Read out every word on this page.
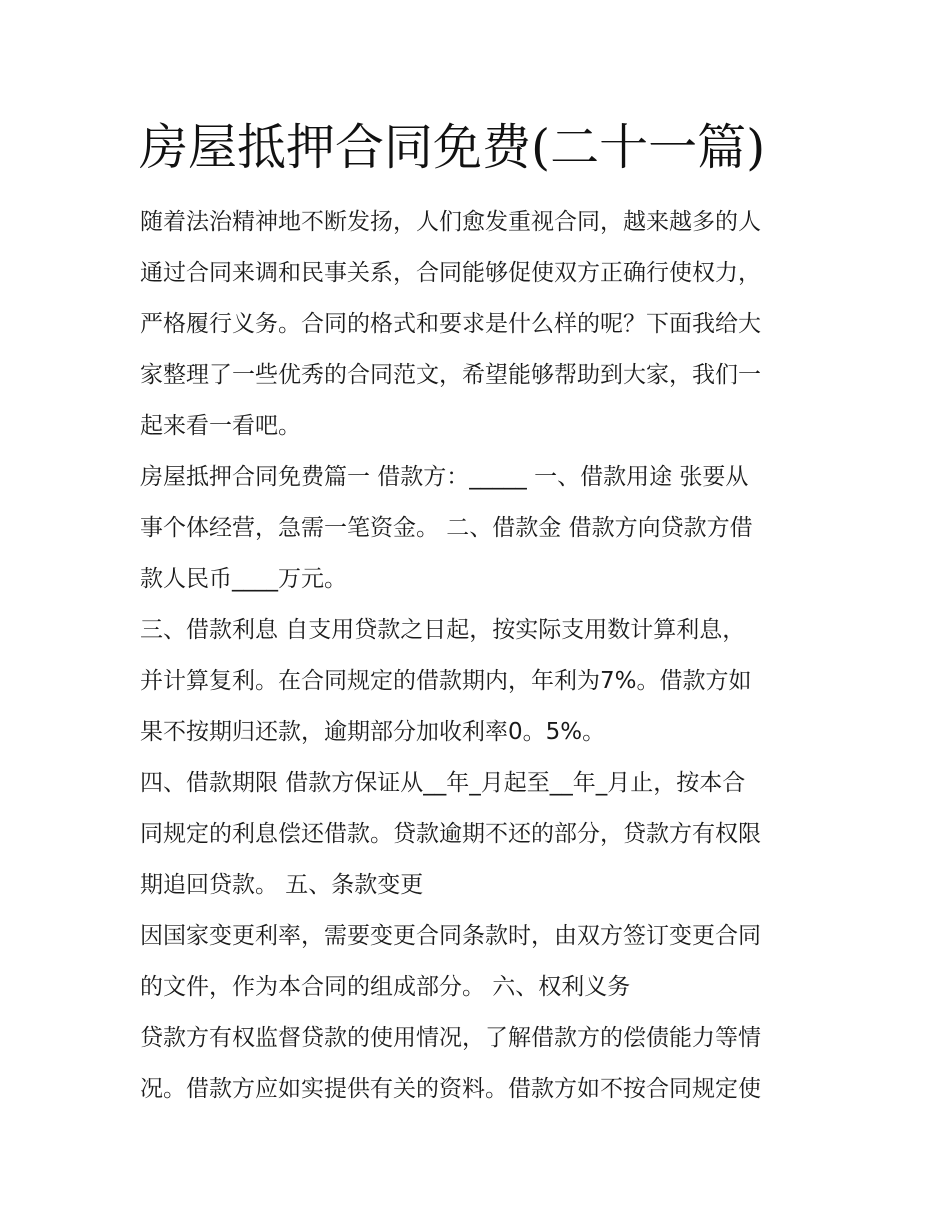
房屋抵押合同免费(二十一篇)
随着法治精神地不断发扬，人们愈发重视合同，越来越多的人
通过合同来调和民事关系，合同能够促使双方正确行使权力，
严格履行义务。合同的格式和要求是什么样的呢？下面我给大
家整理了一些优秀的合同范文，希望能够帮助到大家，我们一
起来看一看吧。
房屋抵押合同免费篇一 借款方：_____ 一、借款用途 张要从
事个体经营，急需一笔资金。 二、借款金 借款方向贷款方借
款人民币____万元。
三、借款利息 自支用贷款之日起，按实际支用数计算利息，
并计算复利。在合同规定的借款期内，年利为7%。借款方如
果不按期归还款，逾期部分加收利率0。5%。
四、借款期限 借款方保证从__年_月起至__年_月止，按本合
同规定的利息偿还借款。贷款逾期不还的部分，贷款方有权限
期追回贷款。 五、条款变更
因国家变更利率，需要变更合同条款时，由双方签订变更合同
的文件，作为本合同的组成部分。 六、权利义务
贷款方有权监督贷款的使用情况，了解借款方的偿债能力等情
况。借款方应如实提供有关的资料。借款方如不按合同规定使
